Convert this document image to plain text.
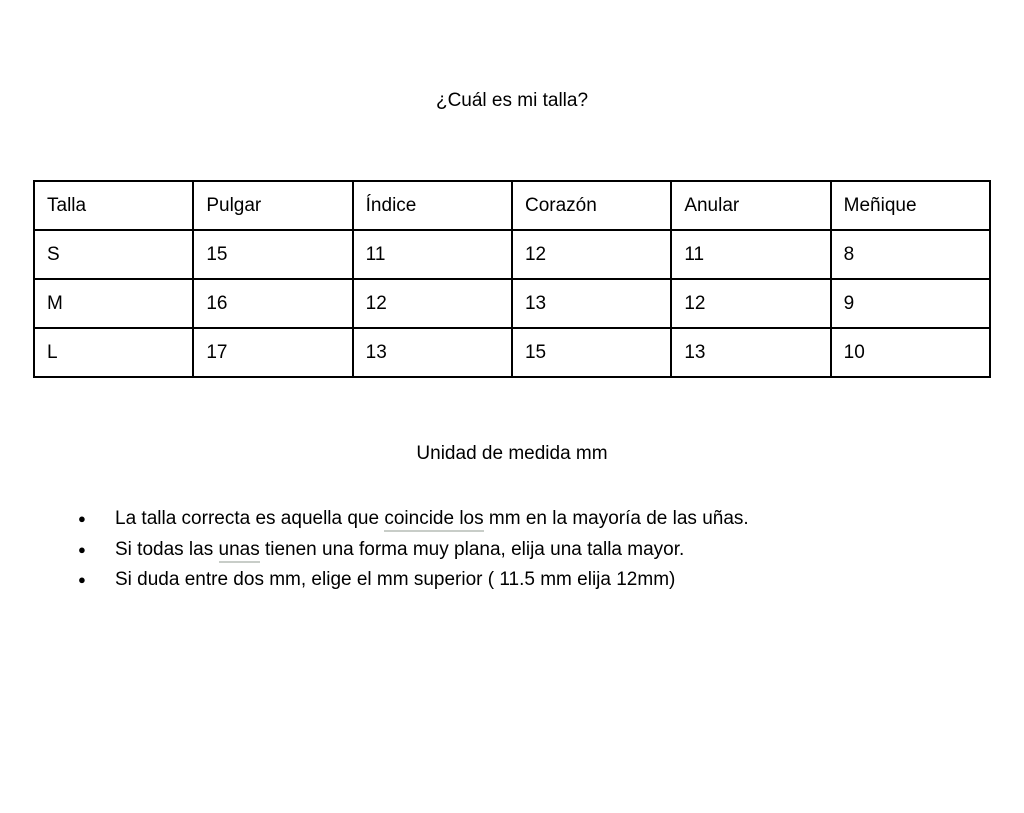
¿Cuál es mi talla?
Talla	Pulgar	Índice	Corazón	Anular	Meñique
S	15	11	12	11	8
M	16	12	13	12	9
L	17	13	15	13	10

Unidad de medida mm

●	La talla correcta es aquella que coincide los mm en la mayoría de las uñas.
●	Si todas las unas tienen una forma muy plana, elija una talla mayor.
●	Si duda entre dos mm, elige el mm superior ( 11.5 mm elija 12mm)
